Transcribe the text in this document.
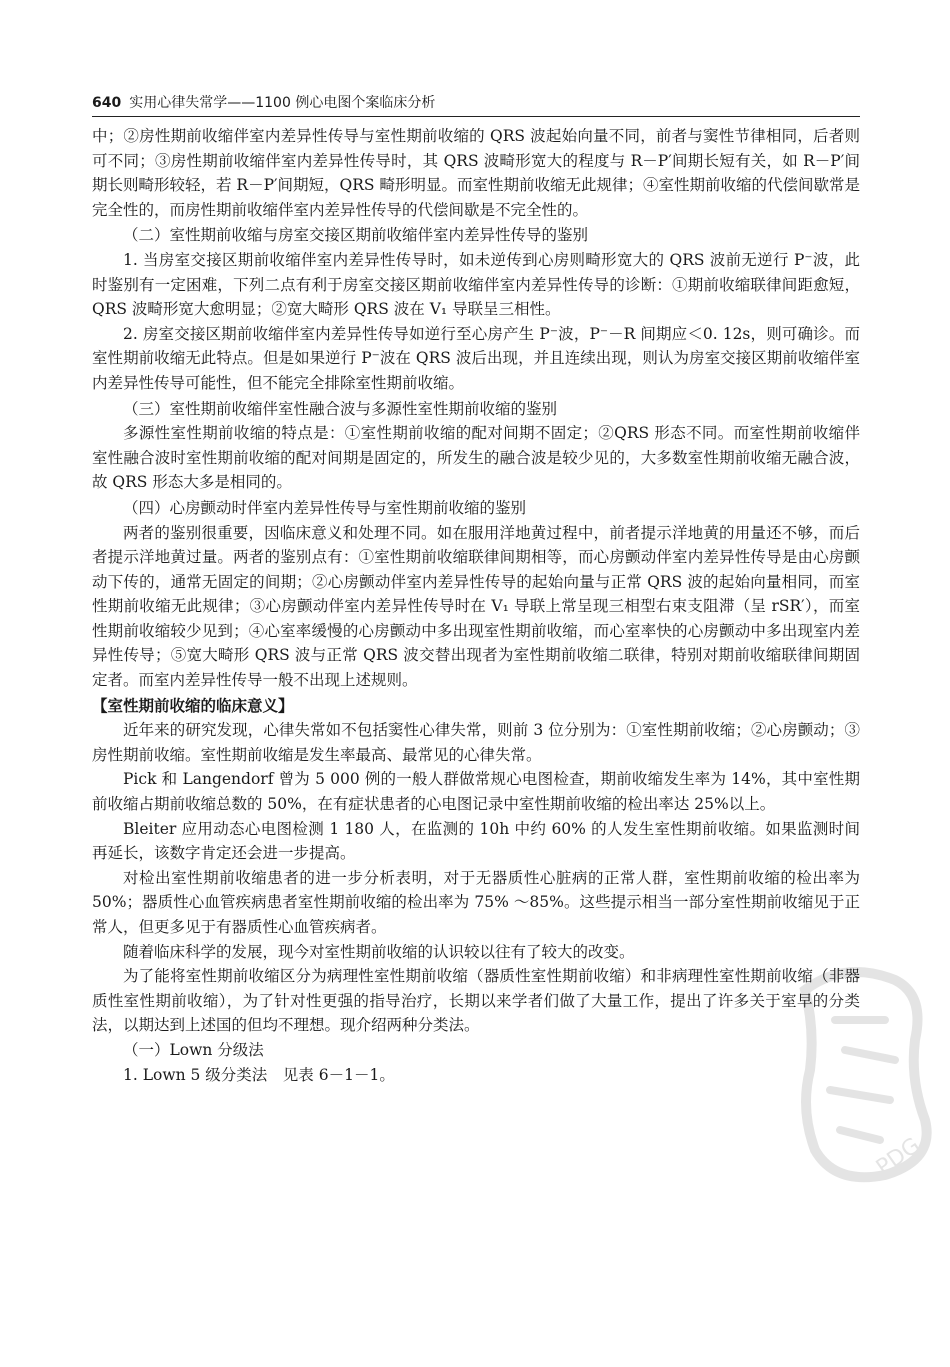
640 实用心律失常学——1100 例心电图个案临床分析

中；②房性期前收缩伴室内差异性传导与室性期前收缩的 QRS 波起始向量不同，前者与窦性节律相同，后者则可不同；③房性期前收缩伴室内差异性传导时，其 QRS 波畸形宽大的程度与 R－P′间期长短有关，如 R－P′间期长则畸形较轻，若 R－P′间期短，QRS 畸形明显。而室性期前收缩无此规律；④室性期前收缩的代偿间歇常是完全性的，而房性期前收缩伴室内差异性传导的代偿间歇是不完全性的。

（二）室性期前收缩与房室交接区期前收缩伴室内差异性传导的鉴别

1. 当房室交接区期前收缩伴室内差异性传导时，如未逆传到心房则畸形宽大的 QRS 波前无逆行 P⁻波，此时鉴别有一定困难，下列二点有利于房室交接区期前收缩伴室内差异性传导的诊断：①期前收缩联律间距愈短，QRS 波畸形宽大愈明显；②宽大畸形 QRS 波在 V₁ 导联呈三相性。

2. 房室交接区期前收缩伴室内差异性传导如逆行至心房产生 P⁻波，P⁻－R 间期应＜0. 12s，则可确诊。而室性期前收缩无此特点。但是如果逆行 P⁻波在 QRS 波后出现，并且连续出现，则认为房室交接区期前收缩伴室内差异性传导可能性，但不能完全排除室性期前收缩。

（三）室性期前收缩伴室性融合波与多源性室性期前收缩的鉴别

多源性室性期前收缩的特点是：①室性期前收缩的配对间期不固定；②QRS 形态不同。而室性期前收缩伴室性融合波时室性期前收缩的配对间期是固定的，所发生的融合波是较少见的，大多数室性期前收缩无融合波，故 QRS 形态大多是相同的。

（四）心房颤动时伴室内差异性传导与室性期前收缩的鉴别

两者的鉴别很重要，因临床意义和处理不同。如在服用洋地黄过程中，前者提示洋地黄的用量还不够，而后者提示洋地黄过量。两者的鉴别点有：①室性期前收缩联律间期相等，而心房颤动伴室内差异性传导是由心房颤动下传的，通常无固定的间期；②心房颤动伴室内差异性传导的起始向量与正常 QRS 波的起始向量相同，而室性期前收缩无此规律；③心房颤动伴室内差异性传导时在 V₁ 导联上常呈现三相型右束支阻滞（呈 rSR′），而室性期前收缩较少见到；④心室率缓慢的心房颤动中多出现室性期前收缩，而心室率快的心房颤动中多出现室内差异性传导；⑤宽大畸形 QRS 波与正常 QRS 波交替出现者为室性期前收缩二联律，特别对期前收缩联律间期固定者。而室内差异性传导一般不出现上述规则。

【室性期前收缩的临床意义】

近年来的研究发现，心律失常如不包括窦性心律失常，则前 3 位分别为：①室性期前收缩；②心房颤动；③房性期前收缩。室性期前收缩是发生率最高、最常见的心律失常。

Pick 和 Langendorf 曾为 5 000 例的一般人群做常规心电图检查，期前收缩发生率为 14%，其中室性期前收缩占期前收缩总数的 50%，在有症状患者的心电图记录中室性期前收缩的检出率达 25%以上。

Bleiter 应用动态心电图检测 1 180 人，在监测的 10h 中约 60% 的人发生室性期前收缩。如果监测时间再延长，该数字肯定还会进一步提高。

对检出室性期前收缩患者的进一步分析表明，对于无器质性心脏病的正常人群，室性期前收缩的检出率为 50%；器质性心血管疾病患者室性期前收缩的检出率为 75% ～85%。这些提示相当一部分室性期前收缩见于正常人，但更多见于有器质性心血管疾病者。

随着临床科学的发展，现今对室性期前收缩的认识较以往有了较大的改变。

为了能将室性期前收缩区分为病理性室性期前收缩（器质性室性期前收缩）和非病理性室性期前收缩（非器质性室性期前收缩），为了针对性更强的指导治疗，长期以来学者们做了大量工作，提出了许多关于室早的分类法，以期达到上述国的但均不理想。现介绍两种分类法。

（一）Lown 分级法

1. Lown 5 级分类法　见表 6－1－1。

PDG
